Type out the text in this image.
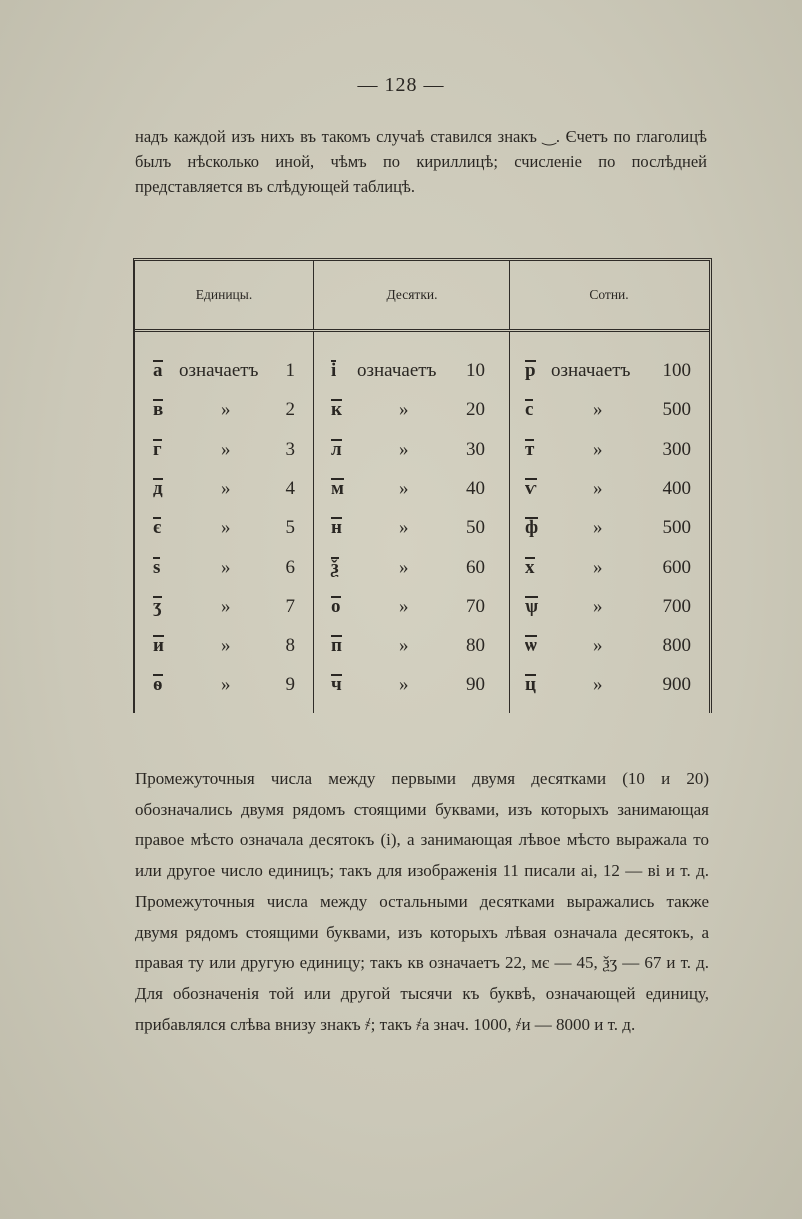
— 128 —

надъ каждой изъ нихъ въ такомъ случаѣ ставился знакъ ‿. Єчетъ по глаголицѣ былъ нѣсколько иной, чѣмъ по кириллицѣ; счисленіе по послѣдней представляется въ слѣдующей таблицѣ.

Единицы.	Десятки.	Сотни.
а означаетъ	1 і означаетъ	10 р означаетъ	100
в	»	2 к	»	20 с	»	500
г	»	3 л	»	30 т	»	300
д	»	4 м	»	40 ѵ	»	400
є	»	5 н	»	50 ф	»	500
ѕ	»	6 ѯ	»	60 х	»	600
ʒ	»	7 о	»	70 ѱ	»	700
и	»	8 п	»	80 ѡ	»	800
ѳ	»	9 ч	»	90 ц	»	900

Промежуточныя числа между первыми двумя десятками (10 и 20) обозначались двумя рядомъ стоящими буквами, изъ которыхъ занимающая правое мѣсто означала десятокъ (і), а занимающая лѣвое мѣсто выражала то или другое число единицъ; такъ для изображенія 11 писали аі, 12 — ві и т. д. Промежуточныя числа между остальными десятками выражались также двумя рядомъ стоящими буквами, изъ которыхъ лѣвая означала десятокъ, а правая ту или другую единицу; такъ кв означаетъ 22, мє — 45, ѯʒ — 67 и т. д. Для обозначенія той или другой тысячи къ буквѣ, означающей единицу, прибавлялся слѣва внизу знакъ ҂; такъ ҂а знач. 1000, ҂и — 8000 и т. д.
